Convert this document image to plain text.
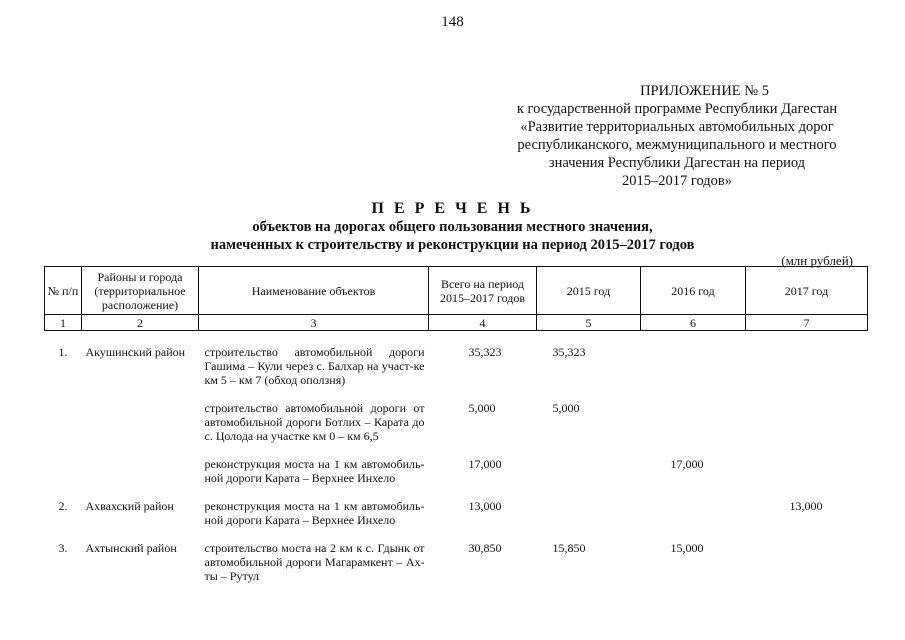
148
ПРИЛОЖЕНИЕ № 5
к государственной программе Республики Дагестан
«Развитие территориальных автомобильных дорог
республиканского, межмуниципального и местного
значения Республики Дагестан на период
2015–2017 годов»
П Е Р Е Ч Е Н Ь
объектов на дорогах общего пользования местного значения,
намеченных к строительству и реконструкции на период 2015–2017 годов
(млн рублей)
№ п/п	Районы и города (территориальное расположение)	Наименование объектов	Всего на период 2015–2017 годов	2015 год	2016 год	2017 год
1	2	3	4	5	6	7

1.	Акушинский район	строительство автомобильной дороги Гашимa – Кули через с. Балхар на участ-ке км 5 – км 7 (обход оползня)	35,323	35,323		

		строительство автомобильной дороги от автомобильной дороги Ботлих – Карата до с. Цолода на участке км 0 – км 6,5	5,000	5,000		

		реконструкция моста на 1 км автомобиль-ной дороги Карата – Верхнее Инхело	17,000		17,000	

2.	Ахвахский район	реконструкция моста на 1 км автомобиль-ной дороги Карата – Верхнее Инхело	13,000			13,000

3.	Ахтынский район	строительство моста на 2 км к с. Гдынк от автомобильной дороги Магарамкент – Ах-ты – Рутул	30,850	15,850	15,000	
